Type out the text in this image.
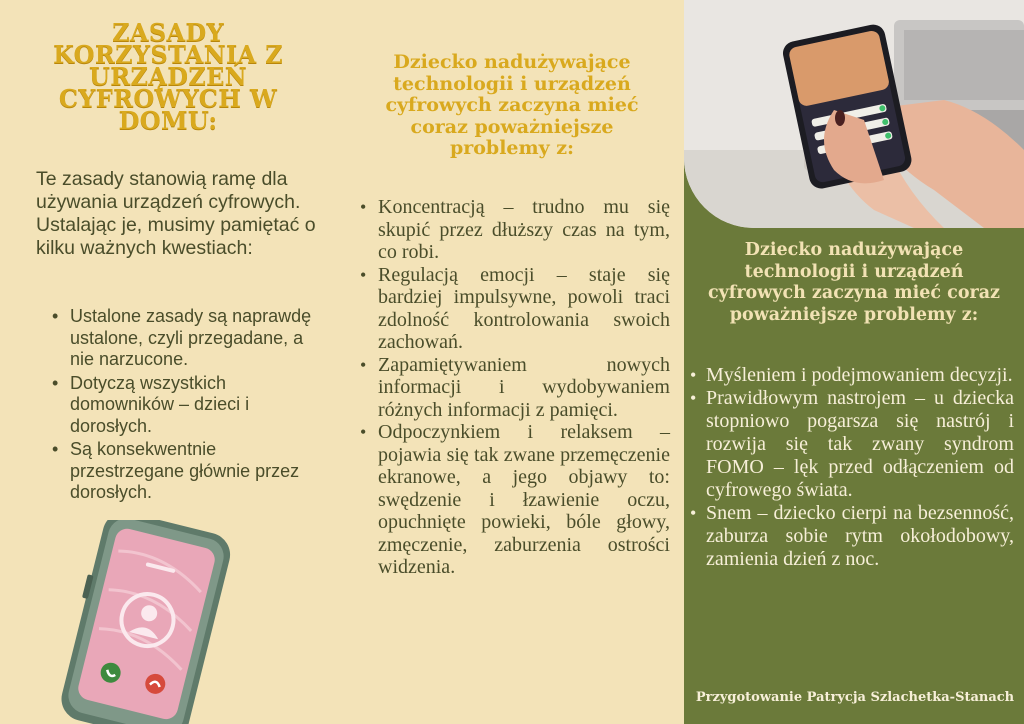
ZASADY KORZYSTANIA Z URZĄDZEŃ CYFROWYCH W DOMU:

Te zasady stanowią ramę dla używania urządzeń cyfrowych. Ustalając je, musimy pamiętać o kilku ważnych kwestiach:

• Ustalone zasady są naprawdę ustalone, czyli przegadane, a nie narzucone.
• Dotyczą wszystkich domowników – dzieci i dorosłych.
• Są konsekwentnie przestrzegane głównie przez dorosłych.
Dziecko nadużywające technologii i urządzeń cyfrowych zaczyna mieć coraz poważniejsze problemy z:
• Koncentracją – trudno mu się skupić przez dłuższy czas na tym, co robi.
• Regulacją emocji – staje się bardziej impulsywne, powoli traci zdolność kontrolowania swoich zachowań.
• Zapamiętywaniem nowych informacji i wydobywaniem różnych informacji z pamięci.
• Odpoczynkiem i relaksem – pojawia się tak zwane przemęczenie ekranowe, a jego objawy to: swędzenie i łzawienie oczu, opuchnięte powieki, bóle głowy, zmęczenie, zaburzenia ostrości widzenia.
Dziecko nadużywające technologii i urządzeń cyfrowych zaczyna mieć coraz poważniejsze problemy z:
• Myśleniem i podejmowaniem decyzji.
• Prawidłowym nastrojem – u dziecka stopniowo pogarsza się nastrój i rozwija się tak zwany syndrom FOMO – lęk przed odłączeniem od cyfrowego świata.
• Snem – dziecko cierpi na bezsenność, zaburza sobie rytm okołodobowy, zamienia dzień z noc.
Przygotowanie Patrycja Szlachetka-Stanach
